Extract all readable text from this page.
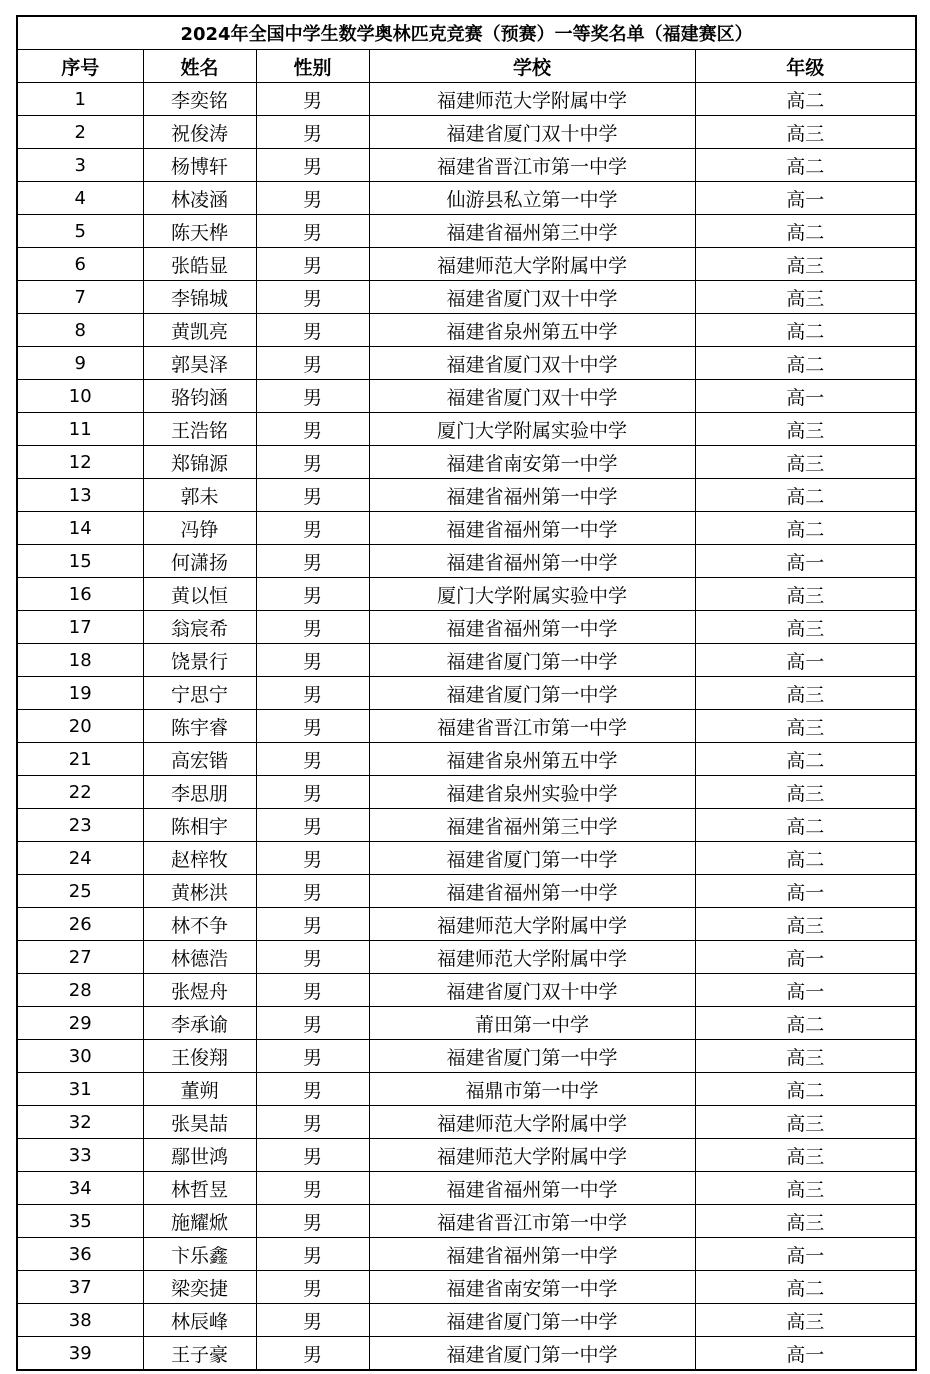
2024年全国中学生数学奥林匹克竞赛（预赛）一等奖名单（福建赛区）				
序号	姓名	性别	学校	年级
1	李奕铭	男	福建师范大学附属中学	高二
2	祝俊涛	男	福建省厦门双十中学	高三
3	杨博轩	男	福建省晋江市第一中学	高二
4	林凌涵	男	仙游县私立第一中学	高一
5	陈天桦	男	福建省福州第三中学	高二
6	张皓显	男	福建师范大学附属中学	高三
7	李锦城	男	福建省厦门双十中学	高三
8	黄凯亮	男	福建省泉州第五中学	高二
9	郭昊泽	男	福建省厦门双十中学	高二
10	骆钧涵	男	福建省厦门双十中学	高一
11	王浩铭	男	厦门大学附属实验中学	高三
12	郑锦源	男	福建省南安第一中学	高三
13	郭未	男	福建省福州第一中学	高二
14	冯铮	男	福建省福州第一中学	高二
15	何潇扬	男	福建省福州第一中学	高一
16	黄以恒	男	厦门大学附属实验中学	高三
17	翁宸希	男	福建省福州第一中学	高三
18	饶景行	男	福建省厦门第一中学	高一
19	宁思宁	男	福建省厦门第一中学	高三
20	陈宇睿	男	福建省晋江市第一中学	高三
21	高宏锴	男	福建省泉州第五中学	高二
22	李思朋	男	福建省泉州实验中学	高三
23	陈相宇	男	福建省福州第三中学	高二
24	赵梓牧	男	福建省厦门第一中学	高二
25	黄彬洪	男	福建省福州第一中学	高一
26	林不争	男	福建师范大学附属中学	高三
27	林德浩	男	福建师范大学附属中学	高一
28	张煜舟	男	福建省厦门双十中学	高一
29	李承谕	男	莆田第一中学	高二
30	王俊翔	男	福建省厦门第一中学	高三
31	董朔	男	福鼎市第一中学	高二
32	张昊喆	男	福建师范大学附属中学	高三
33	鄢世鸿	男	福建师范大学附属中学	高三
34	林哲昱	男	福建省福州第一中学	高三
35	施耀焮	男	福建省晋江市第一中学	高三
36	卞乐鑫	男	福建省福州第一中学	高一
37	梁奕捷	男	福建省南安第一中学	高二
38	林辰峰	男	福建省厦门第一中学	高三
39	王子豪	男	福建省厦门第一中学	高一
